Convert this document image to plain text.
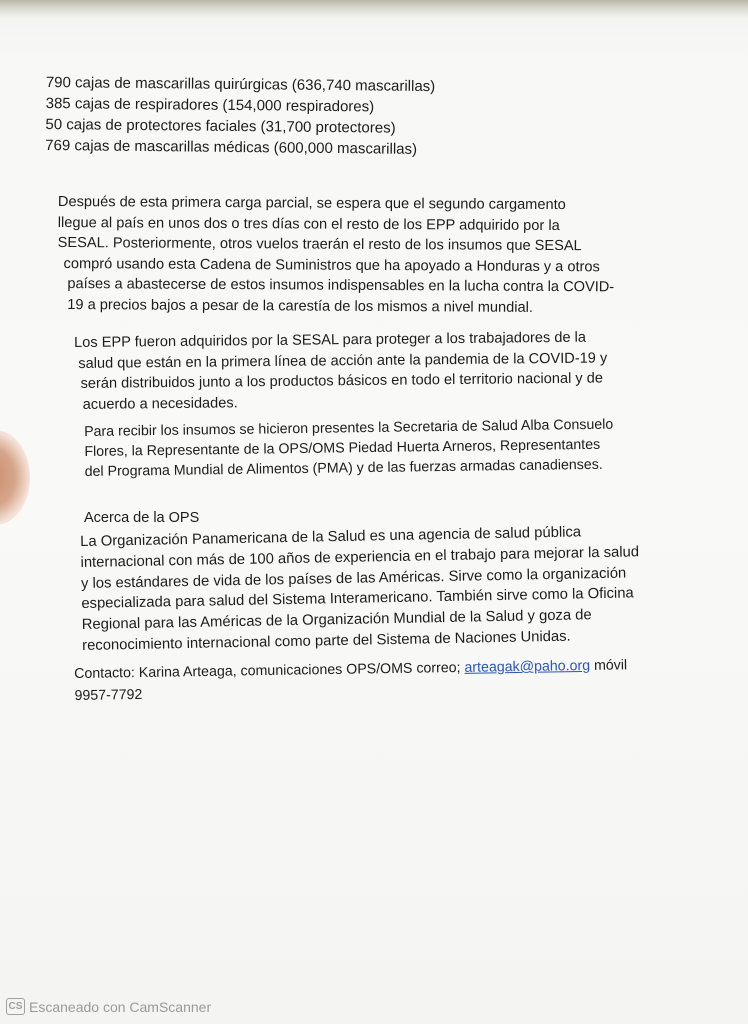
790 cajas de mascarillas quirúrgicas (636,740 mascarillas)
385 cajas de respiradores (154,000 respiradores)
50 cajas de protectores faciales (31,700 protectores)
769 cajas de mascarillas médicas (600,000 mascarillas)
Después de esta primera carga parcial, se espera que el segundo cargamento
llegue al país en unos dos o tres días con el resto de los EPP adquirido por la
SESAL. Posteriormente, otros vuelos traerán el resto de los insumos que SESAL
compró usando esta Cadena de Suministros que ha apoyado a Honduras y a otros
países a abastecerse de estos insumos indispensables en la lucha contra la COVID-
19 a precios bajos a pesar de la carestía de los mismos a nivel mundial.
Los EPP fueron adquiridos por la SESAL para proteger a los trabajadores de la
salud que están en la primera línea de acción ante la pandemia de la COVID-19 y
serán distribuidos junto a los productos básicos en todo el territorio nacional y de
acuerdo a necesidades.
Para recibir los insumos se hicieron presentes la Secretaria de Salud Alba Consuelo
Flores, la Representante de la OPS/OMS Piedad Huerta Arneros, Representantes
del Programa Mundial de Alimentos (PMA) y de las fuerzas armadas canadienses.
Acerca de la OPS
La Organización Panamericana de la Salud es una agencia de salud pública
internacional con más de 100 años de experiencia en el trabajo para mejorar la salud
y los estándares de vida de los países de las Américas. Sirve como la organización
especializada para salud del Sistema Interamericano. También sirve como la Oficina
Regional para las Américas de la Organización Mundial de la Salud y goza de
reconocimiento internacional como parte del Sistema de Naciones Unidas.
Contacto: Karina Arteaga, comunicaciones OPS/OMS correo; arteagak@paho.org móvil
9957-7792
CS Escaneado con CamScanner
